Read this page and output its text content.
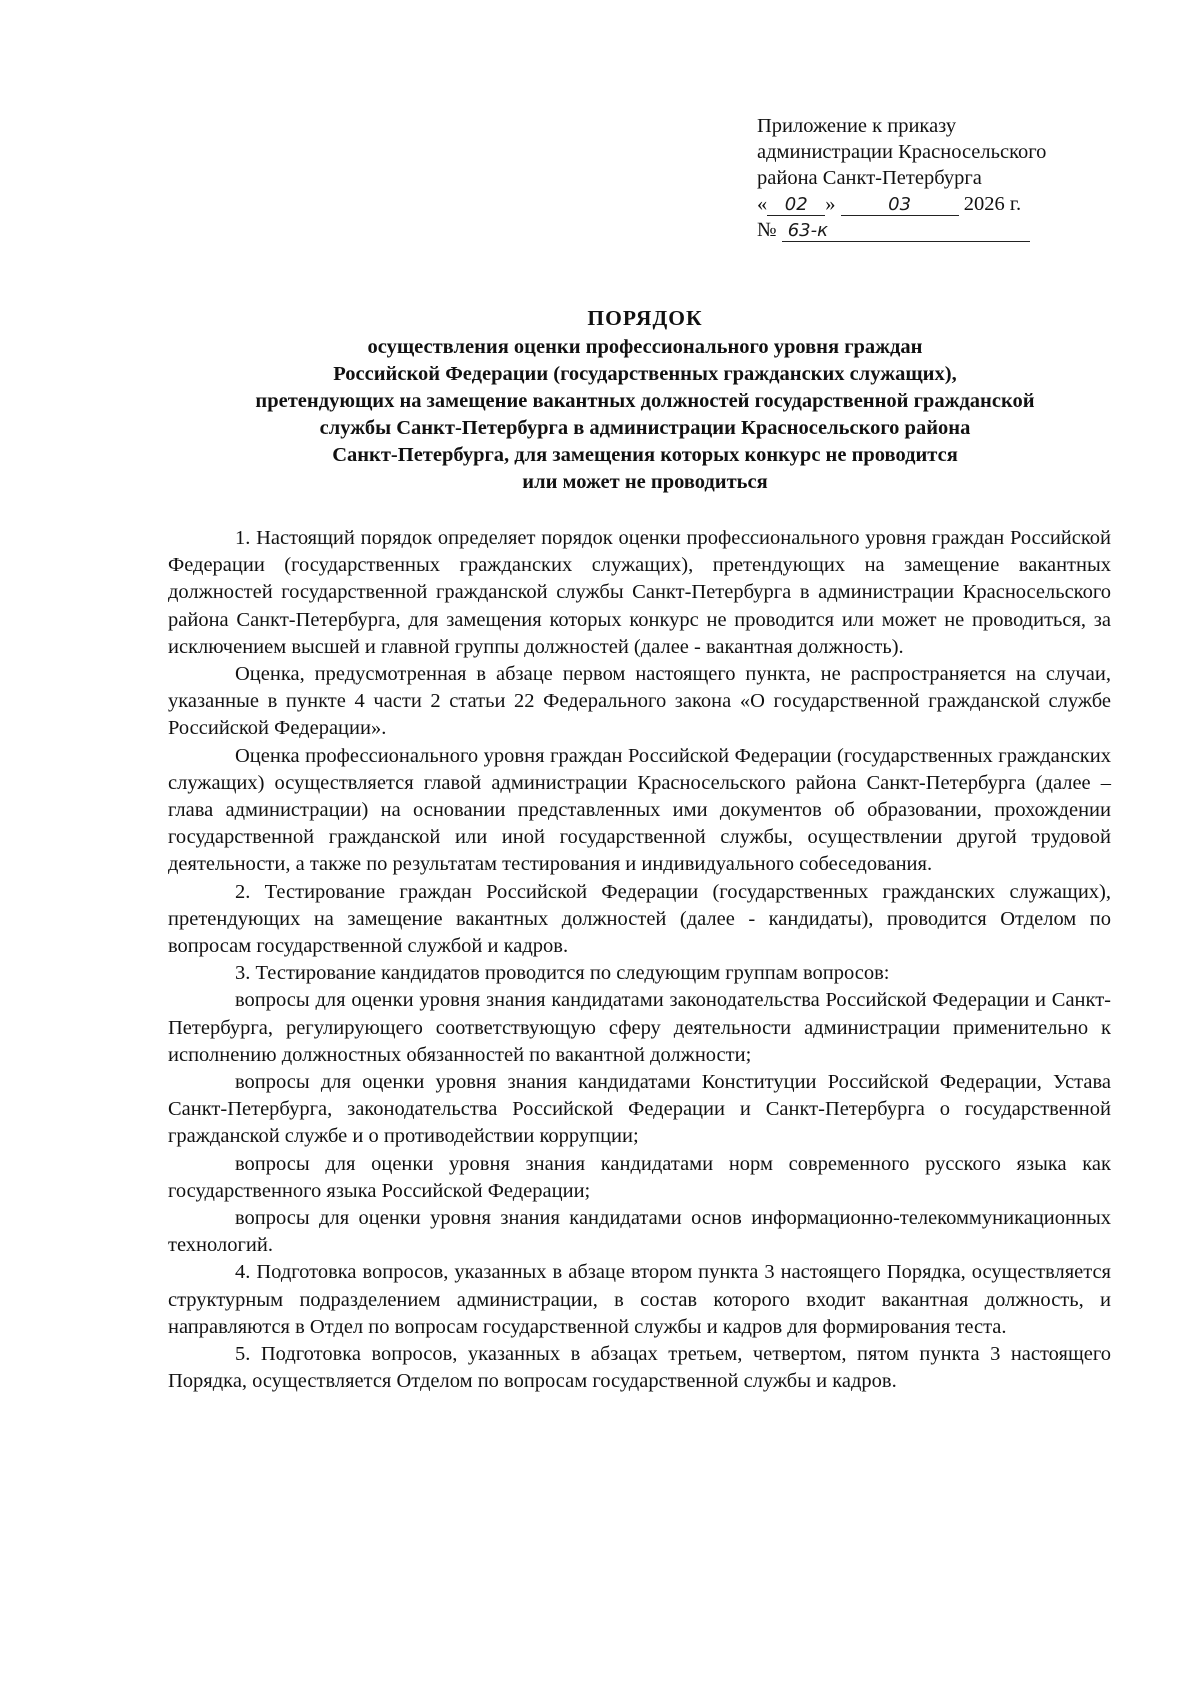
Приложение к приказу
администрации Красносельского
района Санкт-Петербурга
« 02 »	03	2026 г.
№ 63-к
ПОРЯДОК
осуществления оценки профессионального уровня граждан
Российской Федерации (государственных гражданских служащих),
претендующих на замещение вакантных должностей государственной гражданской
службы Санкт-Петербурга в администрации Красносельского района
Санкт-Петербурга, для замещения которых конкурс не проводится
или может не проводиться

1. Настоящий порядок определяет порядок оценки профессионального уровня граждан Российской Федерации (государственных гражданских служащих), претендующих на замещение вакантных должностей государственной гражданской службы Санкт-Петербурга в администрации Красносельского района Санкт-Петербурга, для замещения которых конкурс не проводится или может не проводиться, за исключением высшей и главной группы должностей (далее - вакантная должность).

Оценка, предусмотренная в абзаце первом настоящего пункта, не распространяется на случаи, указанные в пункте 4 части 2 статьи 22 Федерального закона «О государственной гражданской службе Российской Федерации».

Оценка профессионального уровня граждан Российской Федерации (государственных гражданских служащих) осуществляется главой администрации Красносельского района Санкт-Петербурга (далее – глава администрации) на основании представленных ими документов об образовании, прохождении государственной гражданской или иной государственной службы, осуществлении другой трудовой деятельности, а также по результатам тестирования и индивидуального собеседования.

2. Тестирование граждан Российской Федерации (государственных гражданских служащих), претендующих на замещение вакантных должностей (далее - кандидаты), проводится Отделом по вопросам государственной службой и кадров.

3. Тестирование кандидатов проводится по следующим группам вопросов:

вопросы для оценки уровня знания кандидатами законодательства Российской Федерации и Санкт-Петербурга, регулирующего соответствующую сферу деятельности администрации применительно к исполнению должностных обязанностей по вакантной должности;

вопросы для оценки уровня знания кандидатами Конституции Российской Федерации, Устава Санкт-Петербурга, законодательства Российской Федерации и Санкт-Петербурга о государственной гражданской службе и о противодействии коррупции;

вопросы для оценки уровня знания кандидатами норм современного русского языка как государственного языка Российской Федерации;

вопросы для оценки уровня знания кандидатами основ информационно-телекоммуникационных технологий.

4. Подготовка вопросов, указанных в абзаце втором пункта 3 настоящего Порядка, осуществляется структурным подразделением администрации, в состав которого входит вакантная должность, и направляются в Отдел по вопросам государственной службы и кадров для формирования теста.

5. Подготовка вопросов, указанных в абзацах третьем, четвертом, пятом пункта 3 настоящего Порядка, осуществляется Отделом по вопросам государственной службы и кадров.
